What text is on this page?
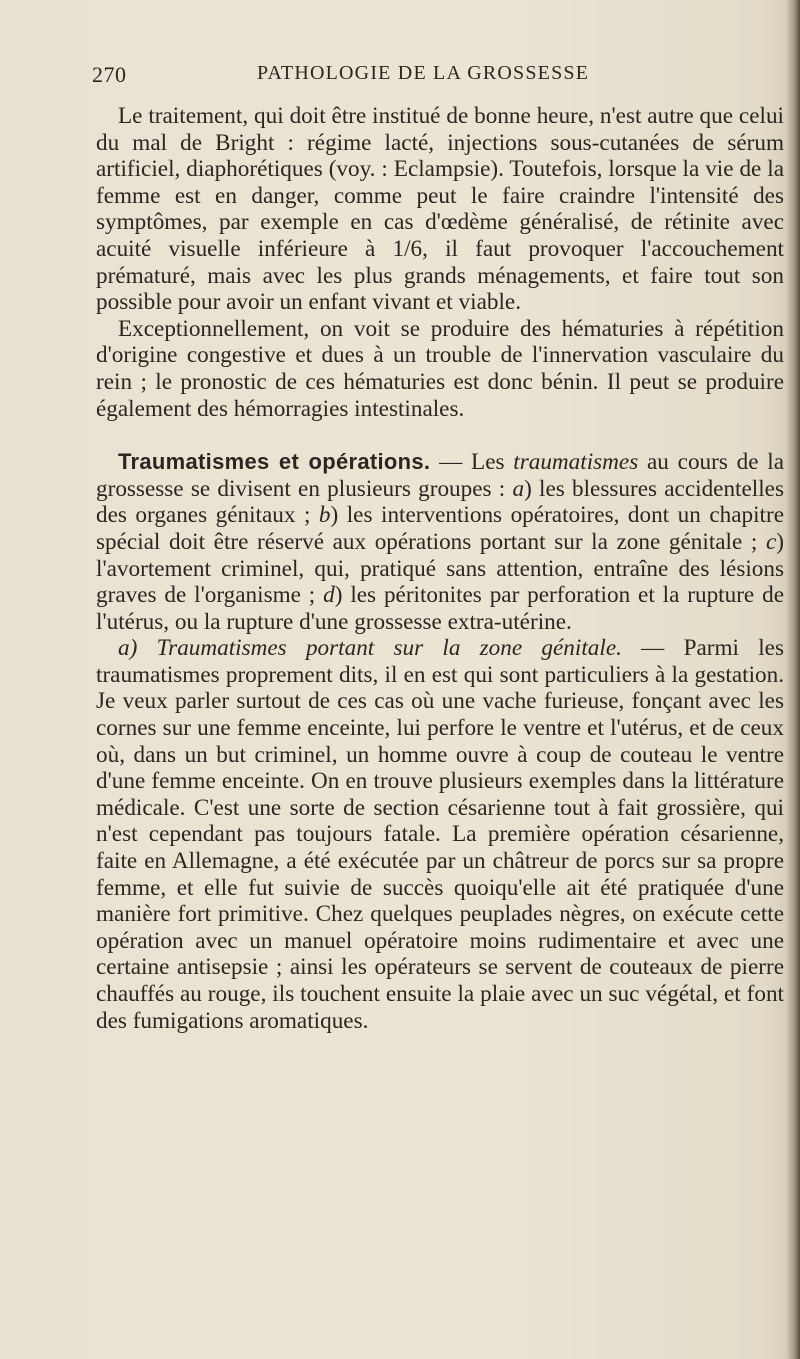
270	PATHOLOGIE DE LA GROSSESSE

Le traitement, qui doit être institué de bonne heure, n'est autre que celui du mal de Bright : régime lacté, injections sous-cutanées de sérum artificiel, diaphorétiques (voy. : Eclampsie). Toutefois, lorsque la vie de la femme est en danger, comme peut le faire craindre l'intensité des symptômes, par exemple en cas d'œdème généralisé, de rétinite avec acuité visuelle inférieure à 1/6, il faut provoquer l'accouchement prématuré, mais avec les plus grands ménagements, et faire tout son possible pour avoir un enfant vivant et viable.

Exceptionnellement, on voit se produire des hématuries à répétition d'origine congestive et dues à un trouble de l'innervation vasculaire du rein ; le pronostic de ces hématuries est donc bénin. Il peut se produire également des hémorragies intestinales.

Traumatismes et opérations. — Les traumatismes au cours de la grossesse se divisent en plusieurs groupes : a) les blessures accidentelles des organes génitaux ; b) les interventions opératoires, dont un chapitre spécial doit être réservé aux opérations portant sur la zone génitale ; c) l'avortement criminel, qui, pratiqué sans attention, entraîne des lésions graves de l'organisme ; d) les péritonites par perforation et la rupture de l'utérus, ou la rupture d'une grossesse extra-utérine.

a) Traumatismes portant sur la zone génitale. — Parmi les traumatismes proprement dits, il en est qui sont particuliers à la gestation. Je veux parler surtout de ces cas où une vache furieuse, fonçant avec les cornes sur une femme enceinte, lui perfore le ventre et l'utérus, et de ceux où, dans un but criminel, un homme ouvre à coup de couteau le ventre d'une femme enceinte. On en trouve plusieurs exemples dans la littérature médicale. C'est une sorte de section césarienne tout à fait grossière, qui n'est cependant pas toujours fatale. La première opération césarienne, faite en Allemagne, a été exécutée par un châtreur de porcs sur sa propre femme, et elle fut suivie de succès quoiqu'elle ait été pratiquée d'une manière fort primitive. Chez quelques peuplades nègres, on exécute cette opération avec un manuel opératoire moins rudimentaire et avec une certaine antisepsie ; ainsi les opérateurs se servent de couteaux de pierre chauffés au rouge, ils touchent ensuite la plaie avec un suc végétal, et font des fumigations aromatiques.
